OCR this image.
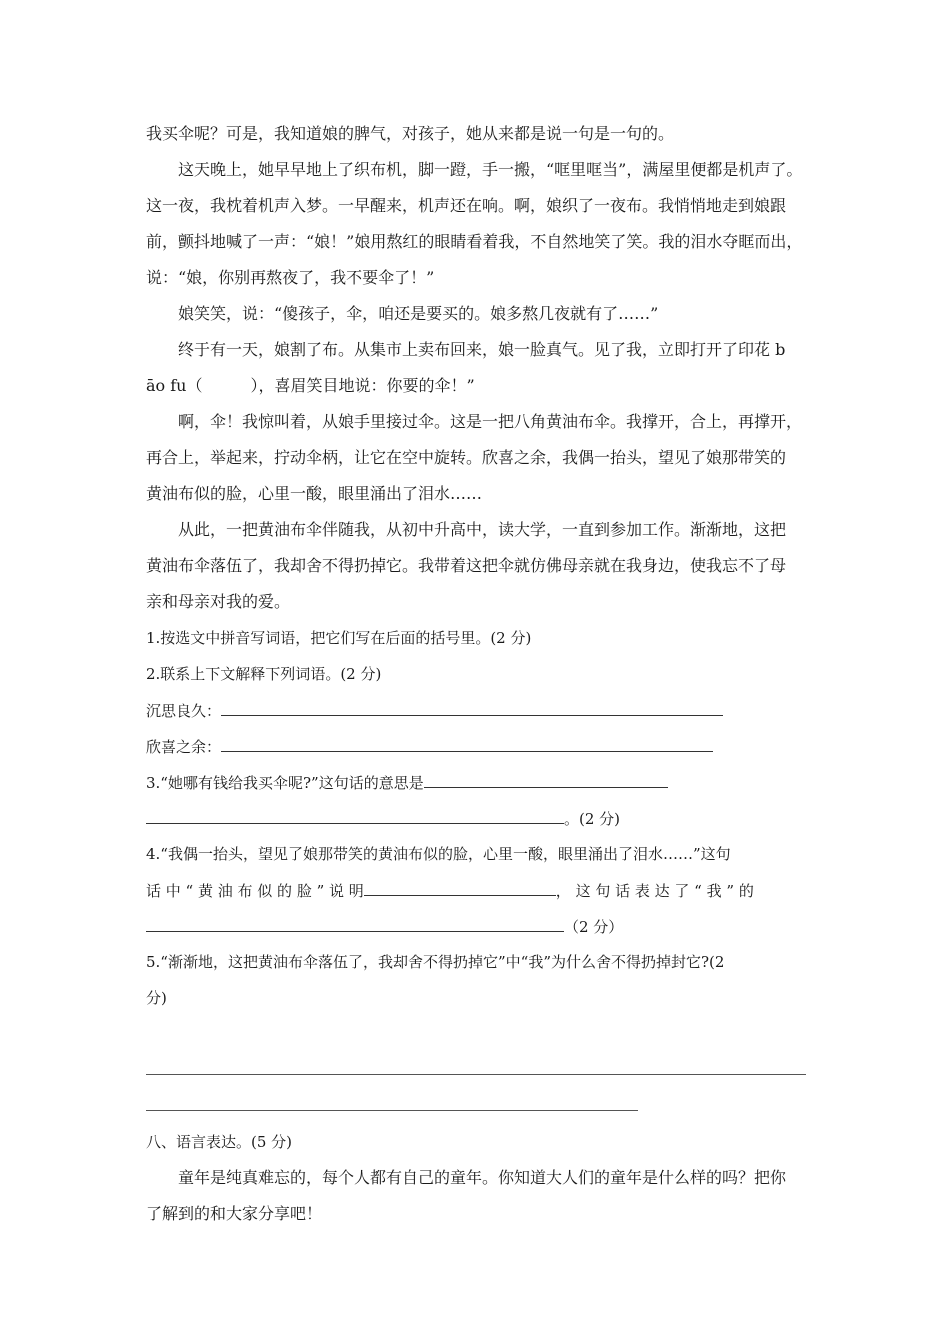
我买伞呢？可是，我知道娘的脾气，对孩子，她从来都是说一句是一句的。
这天晚上，她早早地上了织布机，脚一蹬，手一搬，“哐里哐当”，满屋里便都是机声了。
这一夜，我枕着机声入梦。一早醒来，机声还在响。啊，娘织了一夜布。我悄悄地走到娘跟
前，颤抖地喊了一声：“娘！”娘用熬红的眼睛看着我，不自然地笑了笑。我的泪水夺眶而出，
说：“娘，你别再熬夜了，我不要伞了！”
娘笑笑，说：“傻孩子，伞，咱还是要买的。娘多熬几夜就有了……”
终于有一天，娘割了布。从集市上卖布回来，娘一脸真气。见了我，立即打开了印花 b
āo fu（　　　），喜眉笑目地说：你要的伞！”
啊，伞！我惊叫着，从娘手里接过伞。这是一把八角黄油布伞。我撑开，合上，再撑开，
再合上，举起来，拧动伞柄，让它在空中旋转。欣喜之余，我偶一抬头，望见了娘那带笑的
黄油布似的脸，心里一酸，眼里涌出了泪水……
从此，一把黄油布伞伴随我，从初中升高中，读大学，一直到参加工作。渐渐地，这把
黄油布伞落伍了，我却舍不得扔掉它。我带着这把伞就仿佛母亲就在我身边，使我忘不了母
亲和母亲对我的爱。
1.按选文中拼音写词语，把它们写在后面的括号里。(2 分)
2.联系上下文解释下列词语。(2 分)
沉思良久：
欣喜之余：
3.“她哪有钱给我买伞呢?”这句话的意思是
。(2 分)
4.“我偶一抬头，望见了娘那带笑的黄油布似的脸，心里一酸，眼里涌出了泪水……”这句
话 中 “ 黄 油 布 似 的 脸 ” 说 明	， 这 句 话 表 达 了 “ 我 ” 的
（2 分）
5.“渐渐地，这把黄油布伞落伍了，我却舍不得扔掉它”中“我”为什么舍不得扔掉封它?(2
分)
八、语言表达。(5 分)
童年是纯真难忘的，每个人都有自己的童年。你知道大人们的童年是什么样的吗？把你
了解到的和大家分享吧！
